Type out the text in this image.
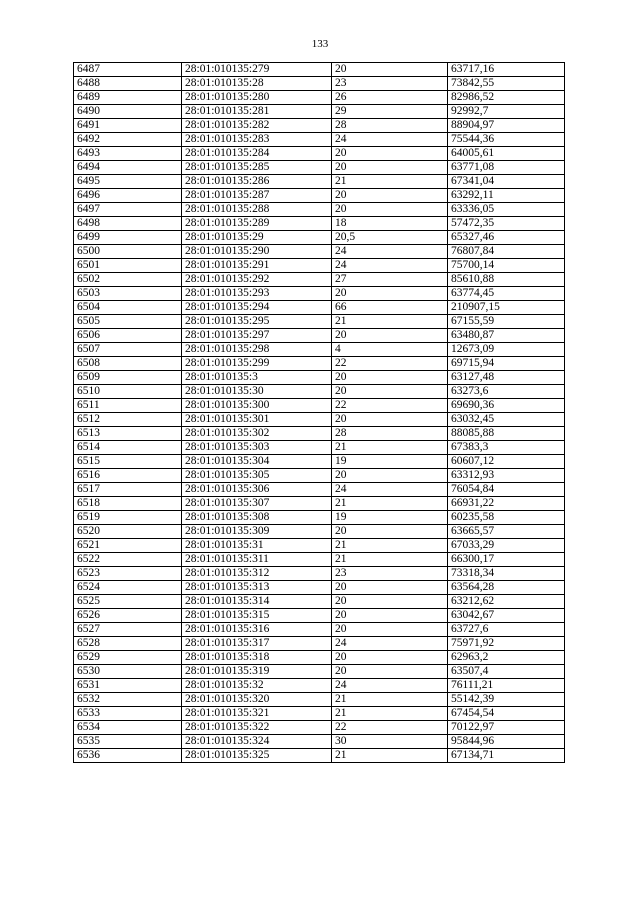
133
6487	28:01:010135:279	20	63717,16
6488	28:01:010135:28	23	73842,55
6489	28:01:010135:280	26	82986,52
6490	28:01:010135:281	29	92992,7
6491	28:01:010135:282	28	88904,97
6492	28:01:010135:283	24	75544,36
6493	28:01:010135:284	20	64005,61
6494	28:01:010135:285	20	63771,08
6495	28:01:010135:286	21	67341,04
6496	28:01:010135:287	20	63292,11
6497	28:01:010135:288	20	63336,05
6498	28:01:010135:289	18	57472,35
6499	28:01:010135:29	20,5	65327,46
6500	28:01:010135:290	24	76807,84
6501	28:01:010135:291	24	75700,14
6502	28:01:010135:292	27	85610,88
6503	28:01:010135:293	20	63774,45
6504	28:01:010135:294	66	210907,15
6505	28:01:010135:295	21	67155,59
6506	28:01:010135:297	20	63480,87
6507	28:01:010135:298	4	12673,09
6508	28:01:010135:299	22	69715,94
6509	28:01:010135:3	20	63127,48
6510	28:01:010135:30	20	63273,6
6511	28:01:010135:300	22	69690,36
6512	28:01:010135:301	20	63032,45
6513	28:01:010135:302	28	88085,88
6514	28:01:010135:303	21	67383,3
6515	28:01:010135:304	19	60607,12
6516	28:01:010135:305	20	63312,93
6517	28:01:010135:306	24	76054,84
6518	28:01:010135:307	21	66931,22
6519	28:01:010135:308	19	60235,58
6520	28:01:010135:309	20	63665,57
6521	28:01:010135:31	21	67033,29
6522	28:01:010135:311	21	66300,17
6523	28:01:010135:312	23	73318,34
6524	28:01:010135:313	20	63564,28
6525	28:01:010135:314	20	63212,62
6526	28:01:010135:315	20	63042,67
6527	28:01:010135:316	20	63727,6
6528	28:01:010135:317	24	75971,92
6529	28:01:010135:318	20	62963,2
6530	28:01:010135:319	20	63507,4
6531	28:01:010135:32	24	76111,21
6532	28:01:010135:320	21	55142,39
6533	28:01:010135:321	21	67454,54
6534	28:01:010135:322	22	70122,97
6535	28:01:010135:324	30	95844,96
6536	28:01:010135:325	21	67134,71
